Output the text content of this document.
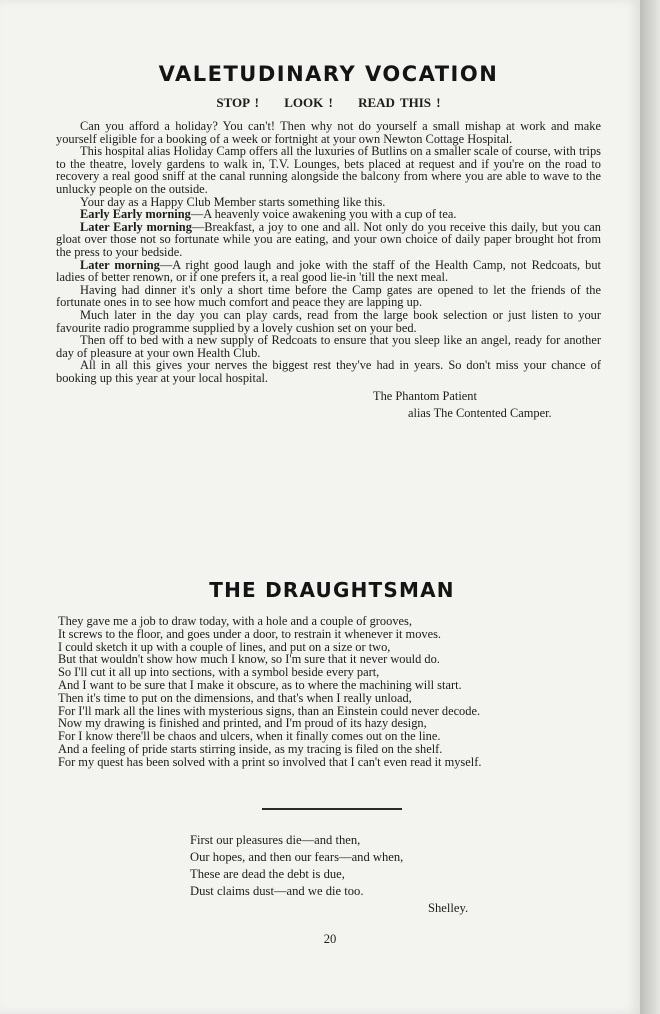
VALETUDINARY VOCATION
STOP ! LOOK ! READ THIS !

Can you afford a holiday? You can't! Then why not do yourself a small mishap at work and make yourself eligible for a booking of a week or fortnight at your own Newton Cottage Hospital.

This hospital alias Holiday Camp offers all the luxuries of Butlins on a smaller scale of course, with trips to the theatre, lovely gardens to walk in, T.V. Lounges, bets placed at request and if you're on the road to recovery a real good sniff at the canal running alongside the balcony from where you are able to wave to the unlucky people on the outside.

Your day as a Happy Club Member starts something like this.

Early Early morning—A heavenly voice awakening you with a cup of tea.

Later Early morning—Breakfast, a joy to one and all. Not only do you receive this daily, but you can gloat over those not so fortunate while you are eating, and your own choice of daily paper brought hot from the press to your bedside.

Later morning—A right good laugh and joke with the staff of the Health Camp, not Redcoats, but ladies of better renown, or if one prefers it, a real good lie-in 'till the next meal.

Having had dinner it's only a short time before the Camp gates are opened to let the friends of the fortunate ones in to see how much comfort and peace they are lapping up.

Much later in the day you can play cards, read from the large book selection or just listen to your favourite radio programme supplied by a lovely cushion set on your bed.

Then off to bed with a new supply of Redcoats to ensure that you sleep like an angel, ready for another day of pleasure at your own Health Club.

All in all this gives your nerves the biggest rest they've had in years. So don't miss your chance of booking up this year at your local hospital.

The Phantom Patient
alias The Contented Camper.
THE DRAUGHTSMAN
They gave me a job to draw today, with a hole and a couple of grooves,
It screws to the floor, and goes under a door, to restrain it whenever it moves.
I could sketch it up with a couple of lines, and put on a size or two,
But that wouldn't show how much I know, so I'm sure that it never would do.
So I'll cut it all up into sections, with a symbol beside every part,
And I want to be sure that I make it obscure, as to where the machining will start.
Then it's time to put on the dimensions, and that's when I really unload,
For I'll mark all the lines with mysterious signs, than an Einstein could never decode.
Now my drawing is finished and printed, and I'm proud of its hazy design,
For I know there'll be chaos and ulcers, when it finally comes out on the line.
And a feeling of pride starts stirring inside, as my tracing is filed on the shelf.
For my quest has been solved with a print so involved that I can't even read it myself.
First our pleasures die—and then,
Our hopes, and then our fears—and when,
These are dead the debt is due,
Dust claims dust—and we die too.
Shelley.
20
